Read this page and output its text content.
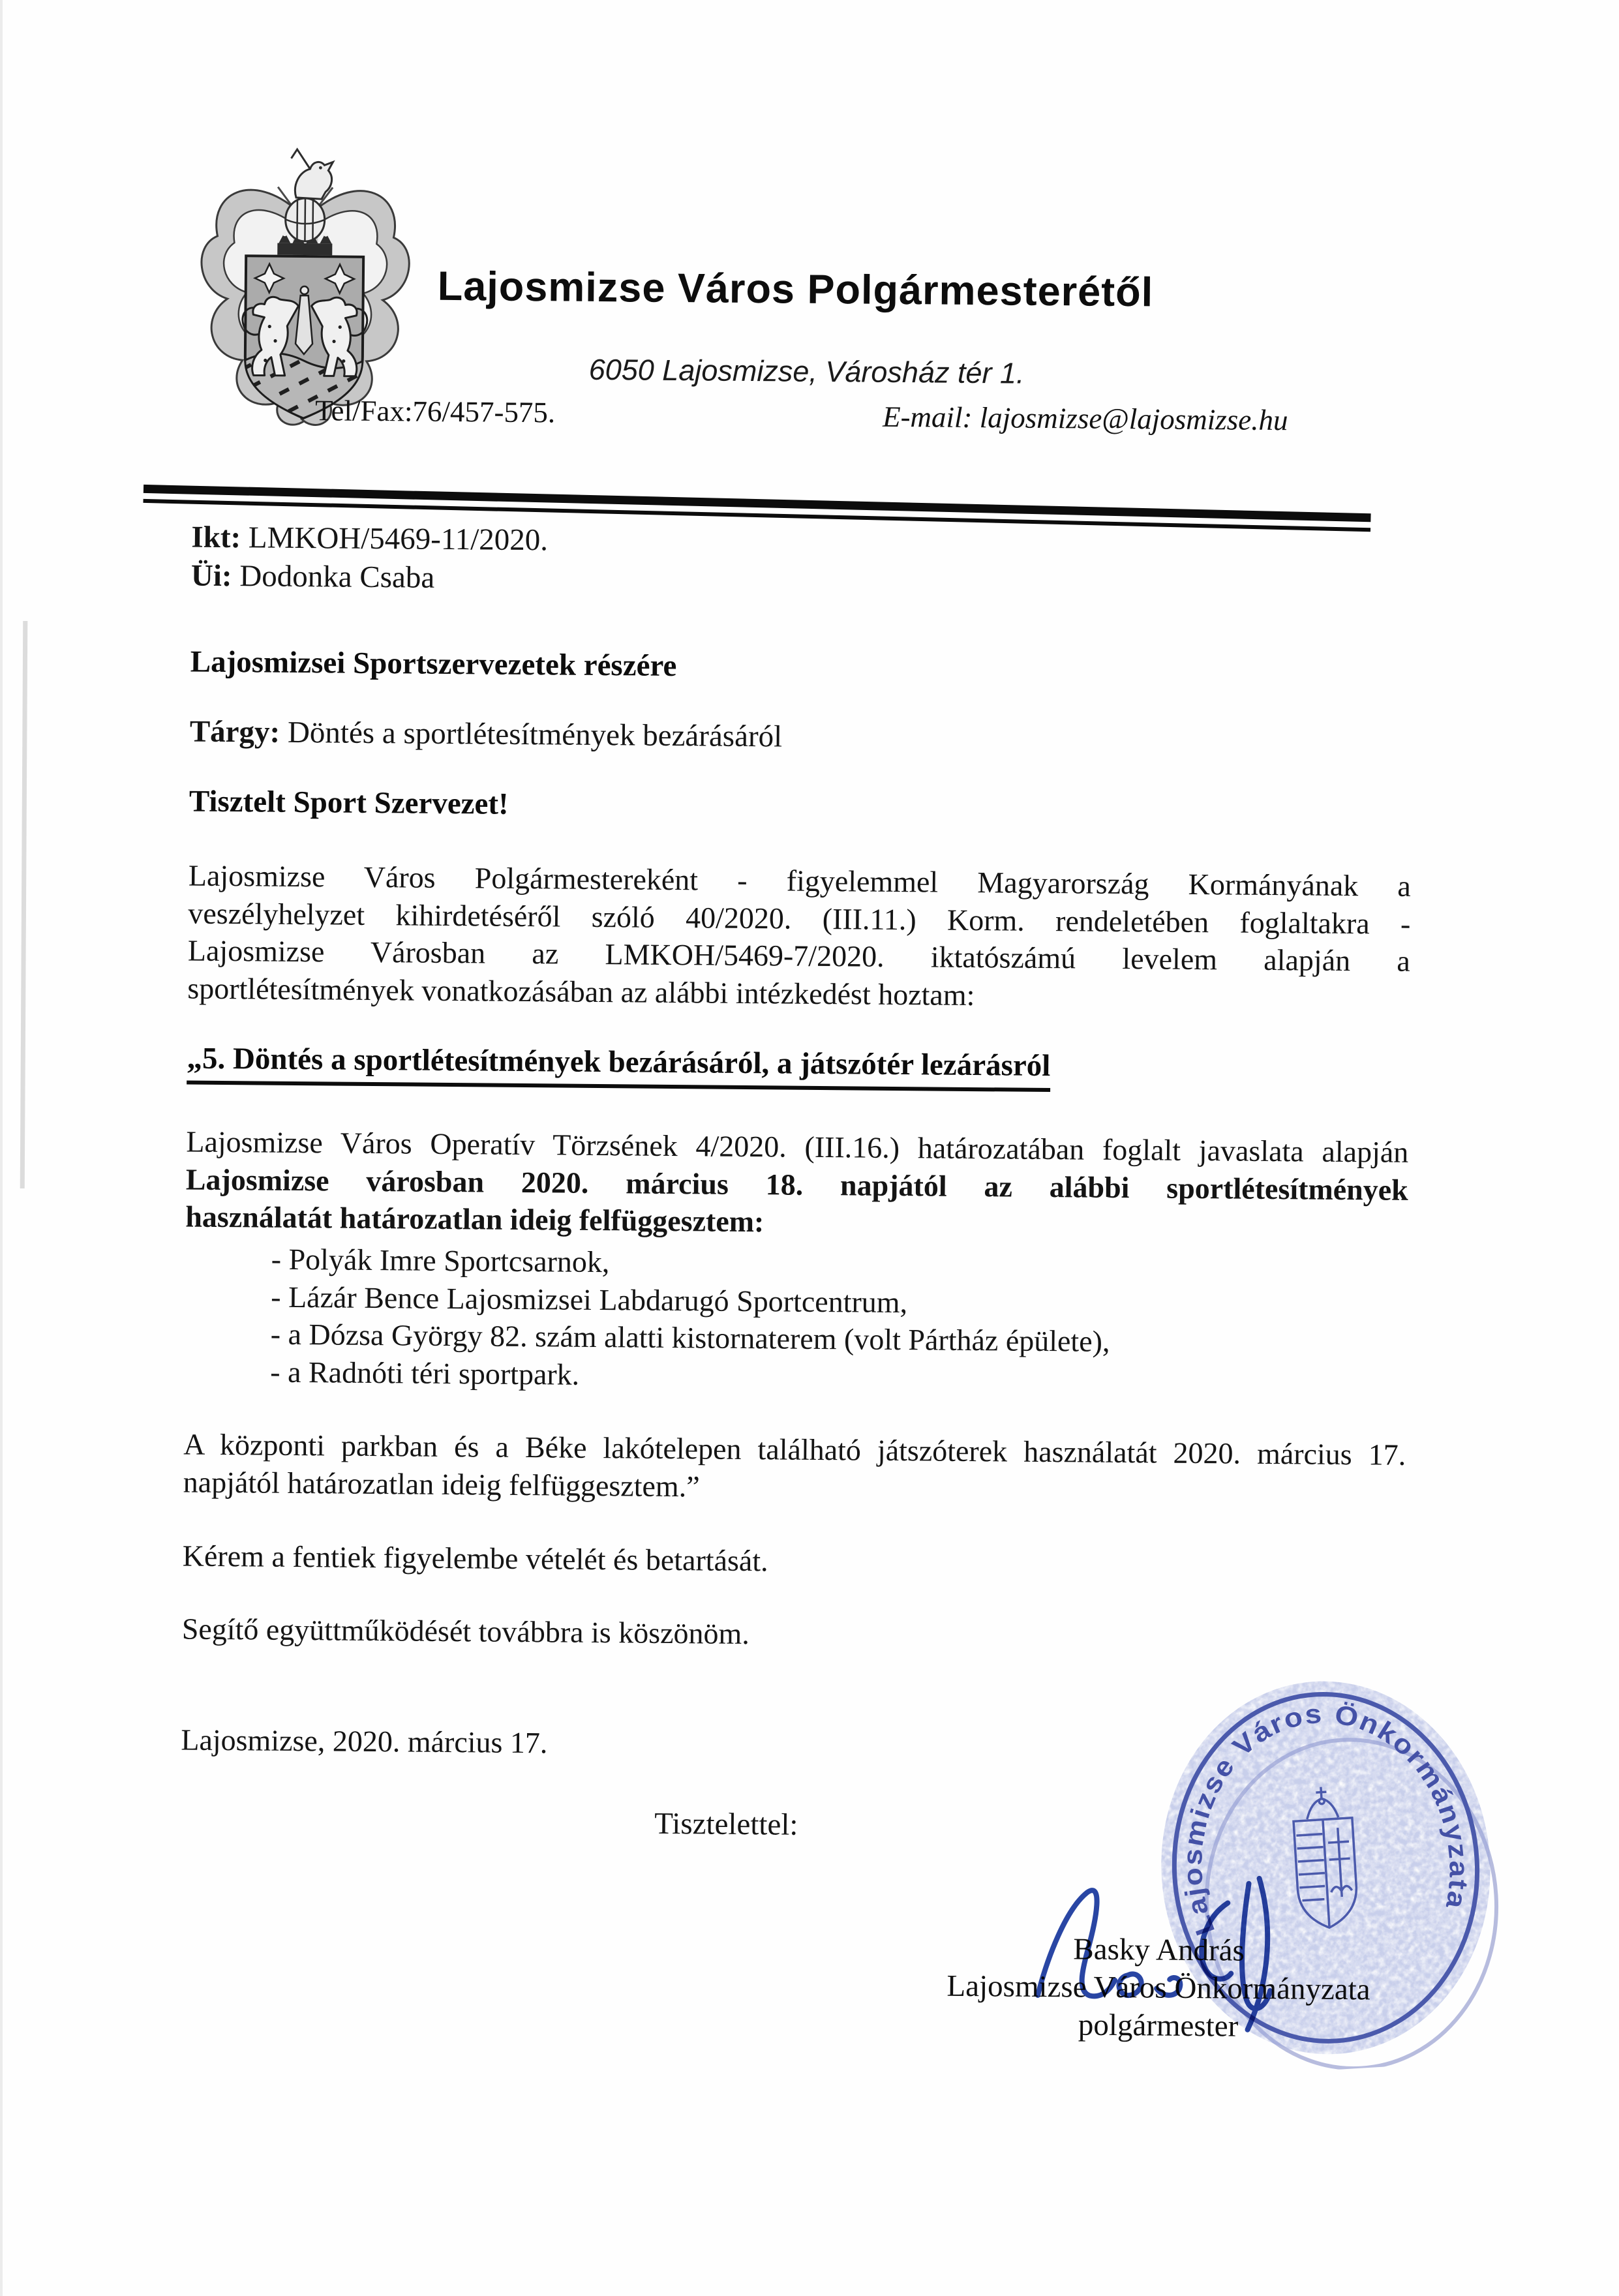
Lajosmizse Város Polgármesterétől
6050 Lajosmizse, Városház tér 1.
Tel/Fax:76/457-575.	E-mail: lajosmizse@lajosmizse.hu
Ikt: LMKOH/5469-11/2020.
Üi: Dodonka Csaba
Lajosmizsei Sportszervezetek részére
Tárgy: Döntés a sportlétesítmények bezárásáról
Tisztelt Sport Szervezet!
Lajosmizse Város Polgármestereként - figyelemmel Magyarország Kormányának a
veszélyhelyzet kihirdetéséről szóló 40/2020. (III.11.) Korm. rendeletében foglaltakra -
Lajosmizse Városban az LMKOH/5469-7/2020. iktatószámú levelem alapján a
sportlétesítmények vonatkozásában az alábbi intézkedést hoztam:
„5. Döntés a sportlétesítmények bezárásáról, a játszótér lezárásról
Lajosmizse Város Operatív Törzsének 4/2020. (III.16.) határozatában foglalt javaslata alapján
Lajosmizse városban 2020. március 18. napjától az alábbi sportlétesítmények
használatát határozatlan ideig felfüggesztem:
- Polyák Imre Sportcsarnok,
- Lázár Bence Lajosmizsei Labdarugó Sportcentrum,
- a Dózsa György 82. szám alatti kistornaterem (volt Pártház épülete),
- a Radnóti téri sportpark.
A központi parkban és a Béke lakótelepen található játszóterek használatát 2020. március 17.
napjától határozatlan ideig felfüggesztem.”
Kérem a fentiek figyelembe vételét és betartását.
Segítő együttműködését továbbra is köszönöm.
Lajosmizse, 2020. március 17.
Tisztelettel:
Basky András
Lajosmizse Város Önkormányzata
polgármester
Lajosmizse Város Önkormányzata
